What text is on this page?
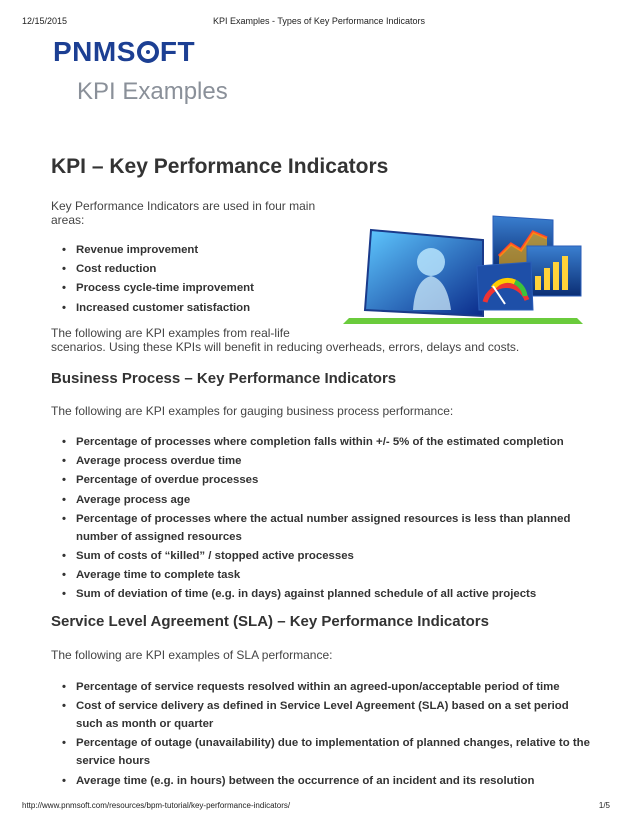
12/15/2015	KPI Examples - Types of Key Performance Indicators
PNMS FT
KPI Examples
KPI – Key Performance Indicators

Key Performance Indicators are used in four main

areas:

• Revenue improvement
• Cost reduction
• Process cycle-time improvement
• Increased customer satisfaction

The following are KPI examples from real-life

scenarios. Using these KPIs will benefit in reducing overheads, errors, delays and costs.

Business Process – Key Performance Indicators

The following are KPI examples for gauging business process performance:

• Percentage of processes where completion falls within +/- 5% of the estimated completion
• Average process overdue time
• Percentage of overdue processes
• Average process age
• Percentage of processes where the actual number assigned resources is less than planned number of assigned resources
• Sum of costs of “killed” / stopped active processes
• Average time to complete task
• Sum of deviation of time (e.g. in days) against planned schedule of all active projects
Service Level Agreement (SLA) – Key Performance Indicators

The following are KPI examples of SLA performance:

• Percentage of service requests resolved within an agreed-upon/acceptable period of time
• Cost of service delivery as defined in Service Level Agreement (SLA) based on a set period such as month or quarter
• Percentage of outage (unavailability) due to implementation of planned changes, relative to the service hours
• Average time (e.g. in hours) between the occurrence of an incident and its resolution
http://www.pnmsoft.com/resources/bpm-tutorial/key-performance-indicators/	1/5
